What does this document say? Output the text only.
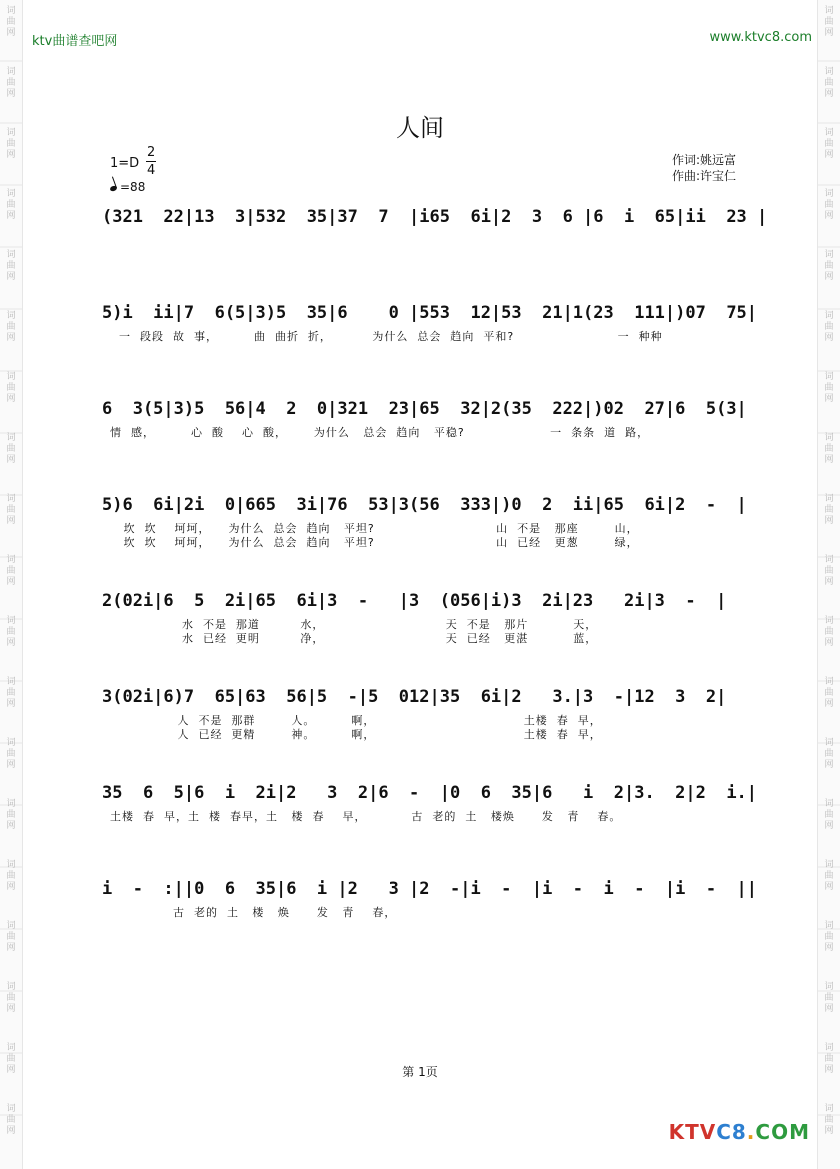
词
曲
网
词
曲
网
词
曲
网
词
曲
网
词
曲
网
词
曲
网
词
曲
网
词
曲
网
词
曲
网
词
曲
网
词
曲
网
词
曲
网
词
曲
网
词
曲
网
词
曲
网
词
曲
网
词
曲
网
词
曲
网
词
曲
网
词
曲
网
词
曲
网
词
曲
网
词
曲
网
词
曲
网
词
曲
网
词
曲
网
词
曲
网
词
曲
网
词
曲
网
词
曲
网
词
曲
网
词
曲
网
词
曲
网
词
曲
网
词
曲
网
词
曲
网
词
曲
网
词
曲
网
ktv曲谱查吧网	www.ktvc8.com
人间
$1=D \frac{2}{4}$
=88
作词:姚远富
作曲:许宝仁
(321  22|13  3|532  35|37  7  |i65  6i|2  3  6 |6  i  65|ii  23 |
5)i  ii|7  6(5|3)5  35|6    0 |553  12|53  21|1(23  111|)07  75|
一  段段  故  事，        曲  曲折  折，         为什么  总会  趋向  平和?                       一  种种
6  3(5|3)5  56|4  2  0|321  23|65  32|2(35  222|)02  27|6  5(3|
情  感，        心  酸    心  酸，      为什么   总会  趋向   平稳?                   一  条条  道  路，
5)6  6i|2i  0|665  3i|76  53|3(56  333|)0  2  ii|65  6i|2  -  |
坎  坎    坷坷，    为什么  总会  趋向   平坦?                           山  不是   那座        山，
坎  坎    坷坷，    为什么  总会  趋向   平坦?                           山  已经   更葱        绿，
2(02i|6  5  2i|65  6i|3  -   |3  (056|i)3  2i|23   2i|3  -  |
水  不是  那道         水，                           天  不是   那片          天，
水  已经  更明         净，                           天  已经   更湛          蓝，
3(02i|6)7  65|63  56|5  -|5  012|35  6i|2   3.|3  -|12  3  2|
人  不是  那群        人。        啊，                                 土楼  春  早，
人  已经  更精        神。        啊，                                 土楼  春  早，
35  6  5|6  i  2i|2   3  2|6  -  |0  6  35|6   i  2|3.  2|2  i.|
土楼  春  早，土  楼  春早，土   楼  春    早，          古  老的  土   楼焕      发   青    春。
i  -  :||0  6  35|6  i |2   3 |2  -|i  -  |i  -  i  -  |i  -  ||
古  老的  土   楼   焕      发   青    春，
第 1页
KTVC8.COM
